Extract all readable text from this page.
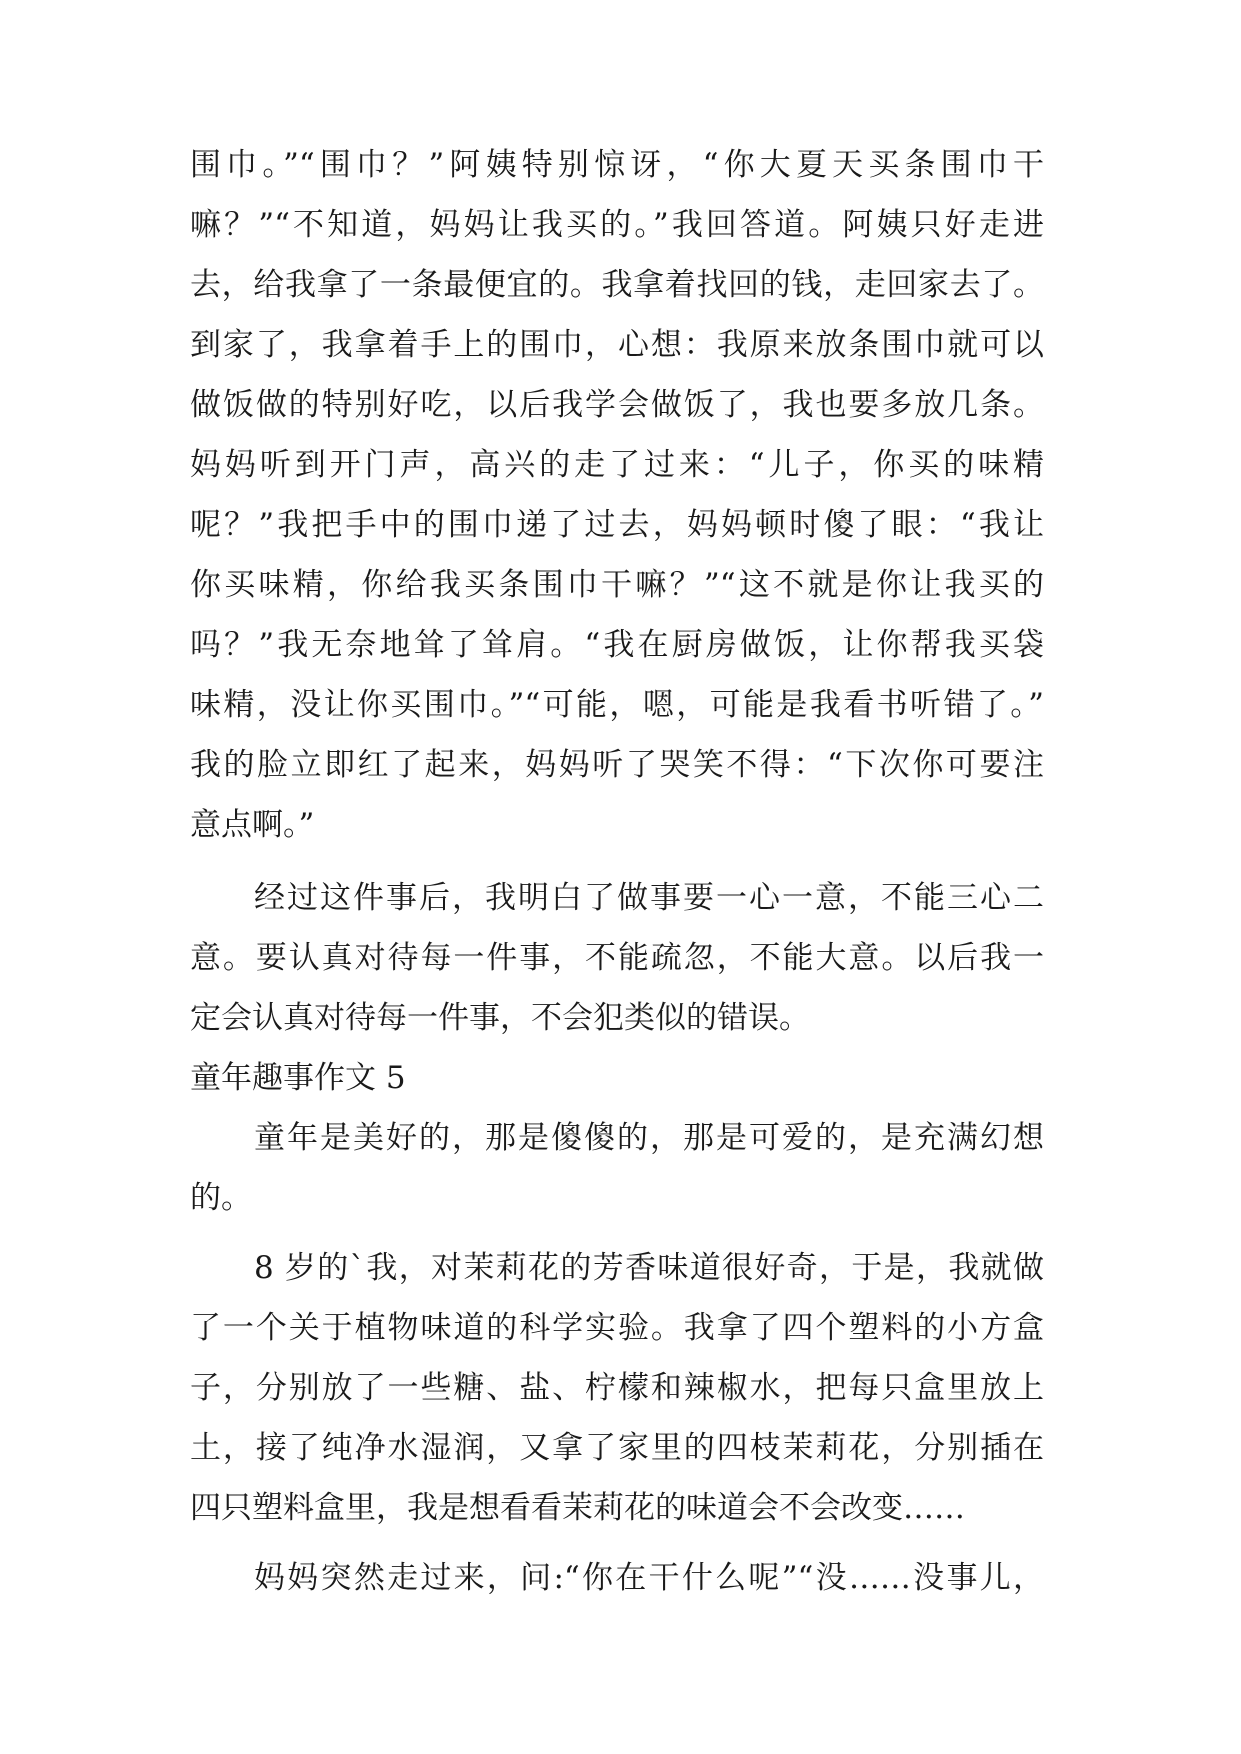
围巾。”“围巾？”阿姨特别惊讶，“你大夏天买条围巾干
嘛？”“不知道，妈妈让我买的。”我回答道。阿姨只好走进
去，给我拿了一条最便宜的。我拿着找回的钱，走回家去了。
到家了，我拿着手上的围巾，心想：我原来放条围巾就可以
做饭做的特别好吃，以后我学会做饭了，我也要多放几条。
妈妈听到开门声，高兴的走了过来：“儿子，你买的味精
呢？”我把手中的围巾递了过去，妈妈顿时傻了眼：“我让
你买味精，你给我买条围巾干嘛？”“这不就是你让我买的
吗？”我无奈地耸了耸肩。“我在厨房做饭，让你帮我买袋
味精，没让你买围巾。”“可能，嗯，可能是我看书听错了。”
我的脸立即红了起来，妈妈听了哭笑不得：“下次你可要注
意点啊。”
经过这件事后，我明白了做事要一心一意，不能三心二
意。要认真对待每一件事，不能疏忽，不能大意。以后我一
定会认真对待每一件事，不会犯类似的错误。
童年趣事作文 5
童年是美好的，那是傻傻的，那是可爱的，是充满幻想
的。
8 岁的`我，对茉莉花的芳香味道很好奇，于是，我就做
了一个关于植物味道的科学实验。我拿了四个塑料的小方盒
子，分别放了一些糖、盐、柠檬和辣椒水，把每只盒里放上
土，接了纯净水湿润，又拿了家里的四枝茉莉花，分别插在
四只塑料盒里，我是想看看茉莉花的味道会不会改变……
妈妈突然走过来，问:“你在干什么呢”“没……没事儿，
